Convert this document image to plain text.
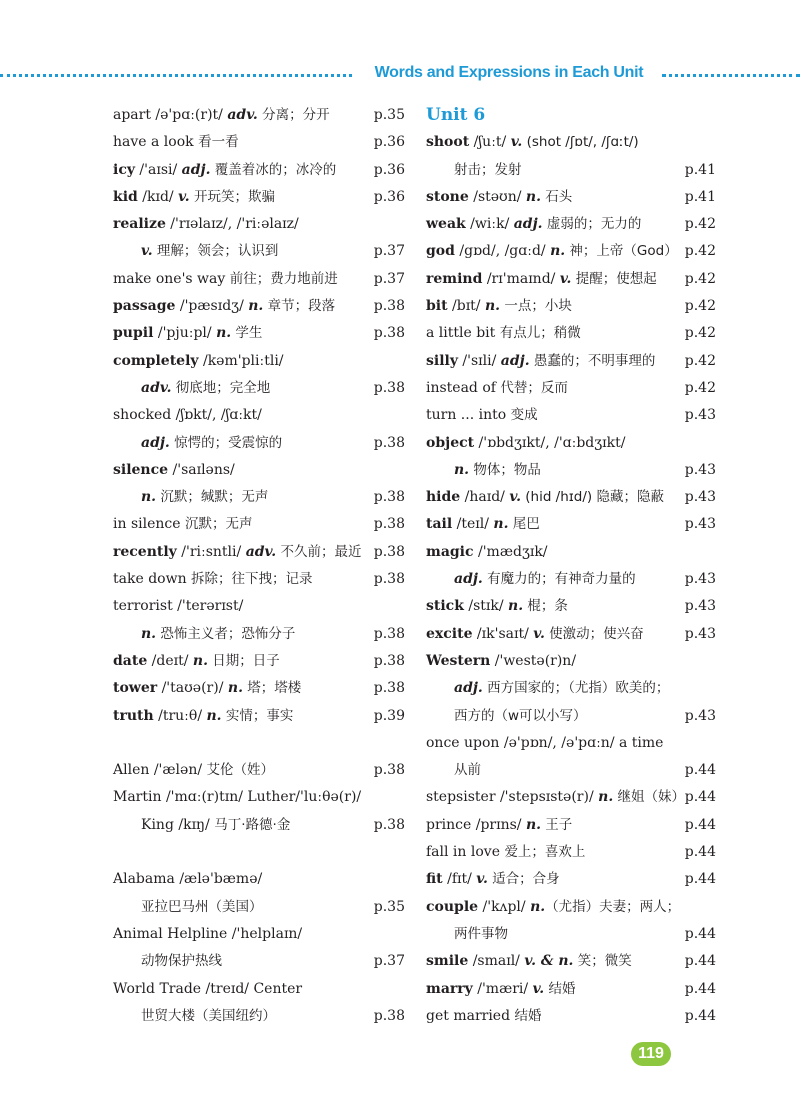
Words and Expressions in Each Unit
apart /ə'pɑː(r)t/ adv. 分离；分开	p.35
have a look 看一看	p.36
icy /'aɪsi/ adj. 覆盖着冰的；冰冷的	p.36
kid /kɪd/ v. 开玩笑；欺骗	p.36
realize /'rɪəlaɪz/, /'riːəlaɪz/
v. 理解；领会；认识到	p.37
make one's way 前往；费力地前进	p.37
passage /'pæsɪdʒ/ n. 章节；段落	p.38
pupil /'pjuːpl/ n. 学生	p.38
completely /kəm'pliːtli/
adv. 彻底地；完全地	p.38
shocked /ʃɒkt/, /ʃɑːkt/
adj. 惊愕的；受震惊的	p.38
silence /'saɪləns/
n. 沉默；缄默；无声	p.38
in silence 沉默；无声	p.38
recently /'riːsntli/ adv. 不久前；最近 p.38
take down 拆除；往下拽；记录	p.38
terrorist /'terərɪst/
n. 恐怖主义者；恐怖分子	p.38
date /deɪt/ n. 日期；日子	p.38
tower /'taʊə(r)/ n. 塔；塔楼	p.38
truth /truːθ/ n. 实情；事实	p.39
Allen /'ælən/ 艾伦（姓）	p.38
Martin /'mɑː(r)tɪn/ Luther/'luːθə(r)/
King /kɪŋ/ 马丁·路德·金	p.38
Alabama /ælə'bæmə/
亚拉巴马州（美国）	p.35
Animal Helpline /'helplaɪn/
动物保护热线	p.37
World Trade /treɪd/ Center
世贸大楼（美国纽约）	p.38
Unit 6
shoot /ʃuːt/ v. (shot /ʃɒt/, /ʃɑːt/)
射击；发射	p.41
stone /stəʊn/ n. 石头	p.41
weak /wiːk/ adj. 虚弱的；无力的	p.42
god /gɒd/, /gɑːd/ n. 神；上帝（God） p.42
remind /rɪ'maɪnd/ v. 提醒；使想起 p.42
bit /bɪt/ n. 一点；小块	p.42
a little bit 有点儿；稍微	p.42
silly /'sɪli/ adj. 愚蠢的；不明事理的 p.42
instead of 代替；反而	p.42
turn ... into 变成	p.43
object /'ɒbdʒɪkt/, /'ɑːbdʒɪkt/
n. 物体；物品	p.43
hide /haɪd/ v. (hid /hɪd/) 隐藏；隐蔽 p.43
tail /teɪl/ n. 尾巴	p.43
magic /'mædʒɪk/
adj. 有魔力的；有神奇力量的	p.43
stick /stɪk/ n. 棍；条	p.43
excite /ɪk'saɪt/ v. 使激动；使兴奋	p.43
Western /'westə(r)n/
adj. 西方国家的；（尤指）欧美的；
西方的（w可以小写）	p.43
once upon /ə'pɒn/, /ə'pɑːn/ a time
从前	p.44
stepsister /'stepsɪstə(r)/ n. 继姐（妹） p.44
prince /prɪns/ n. 王子	p.44
fall in love 爱上；喜欢上	p.44
fit /fɪt/ v. 适合；合身	p.44
couple /'kʌpl/ n.（尤指）夫妻；两人；
两件事物	p.44
smile /smaɪl/ v. & n. 笑；微笑	p.44
marry /'mæri/ v. 结婚	p.44
get married 结婚	p.44
119
